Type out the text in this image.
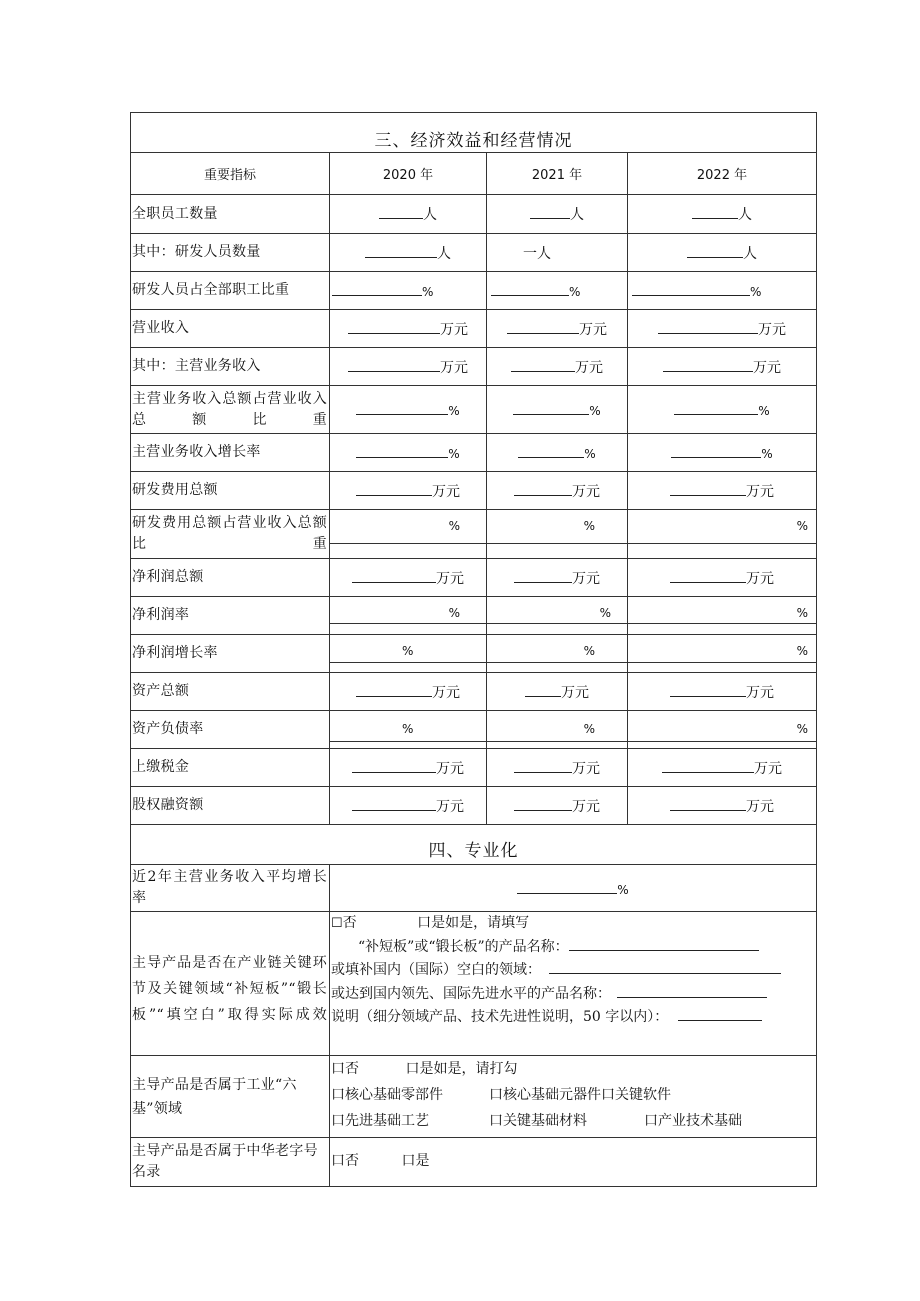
三、经济效益和经营情况			
重要指标	2020 年	2021 年	2022 年
全职员工数量	人	人	人
其中：研发人员数量	人	一人	人
研发人员占全部职工比重	%	%	%
营业收入	万元	万元	万元
其中：主营业务收入	万元	万元	万元
主营业务收入总额占营业收入总额比重	%	%	%
主营业务收入增长率	%	%	%
研发费用总额	万元	万元	万元
研发费用总额占营业收入总额比重	%	%	%

净利润总额	万元	万元	万元
净利润率	%	%	%

净利润增长率	%	%	%

资产总额	万元	万元	万元
资产负债率	%	%	%

上缴税金	万元	万元	万元
股权融资额	万元	万元	万元
四、专业化			
近2年主营业务收入平均增长率	%		
主导产品是否在产业链关键环节及关键领域“补短板”“锻长板”“填空白”取得实际成效	☐否 口是如是，请填写
“补短板”或“锻长板”的产品名称：
或填补国内（国际）空白的领域：
或达到国内领先、国际先进水平的产品名称：
说明（细分领域产品、技术先进性说明，50 字以内）：		

主导产品是否属于工业“六基”领域	口否 口是如是，请打勾
口核心基础零部件 口核心基础元器件口关键软件
口先进基础工艺 口关键基础材料 口产业技术基础		

主导产品是否属于中华老字号名录	口否 口是		
